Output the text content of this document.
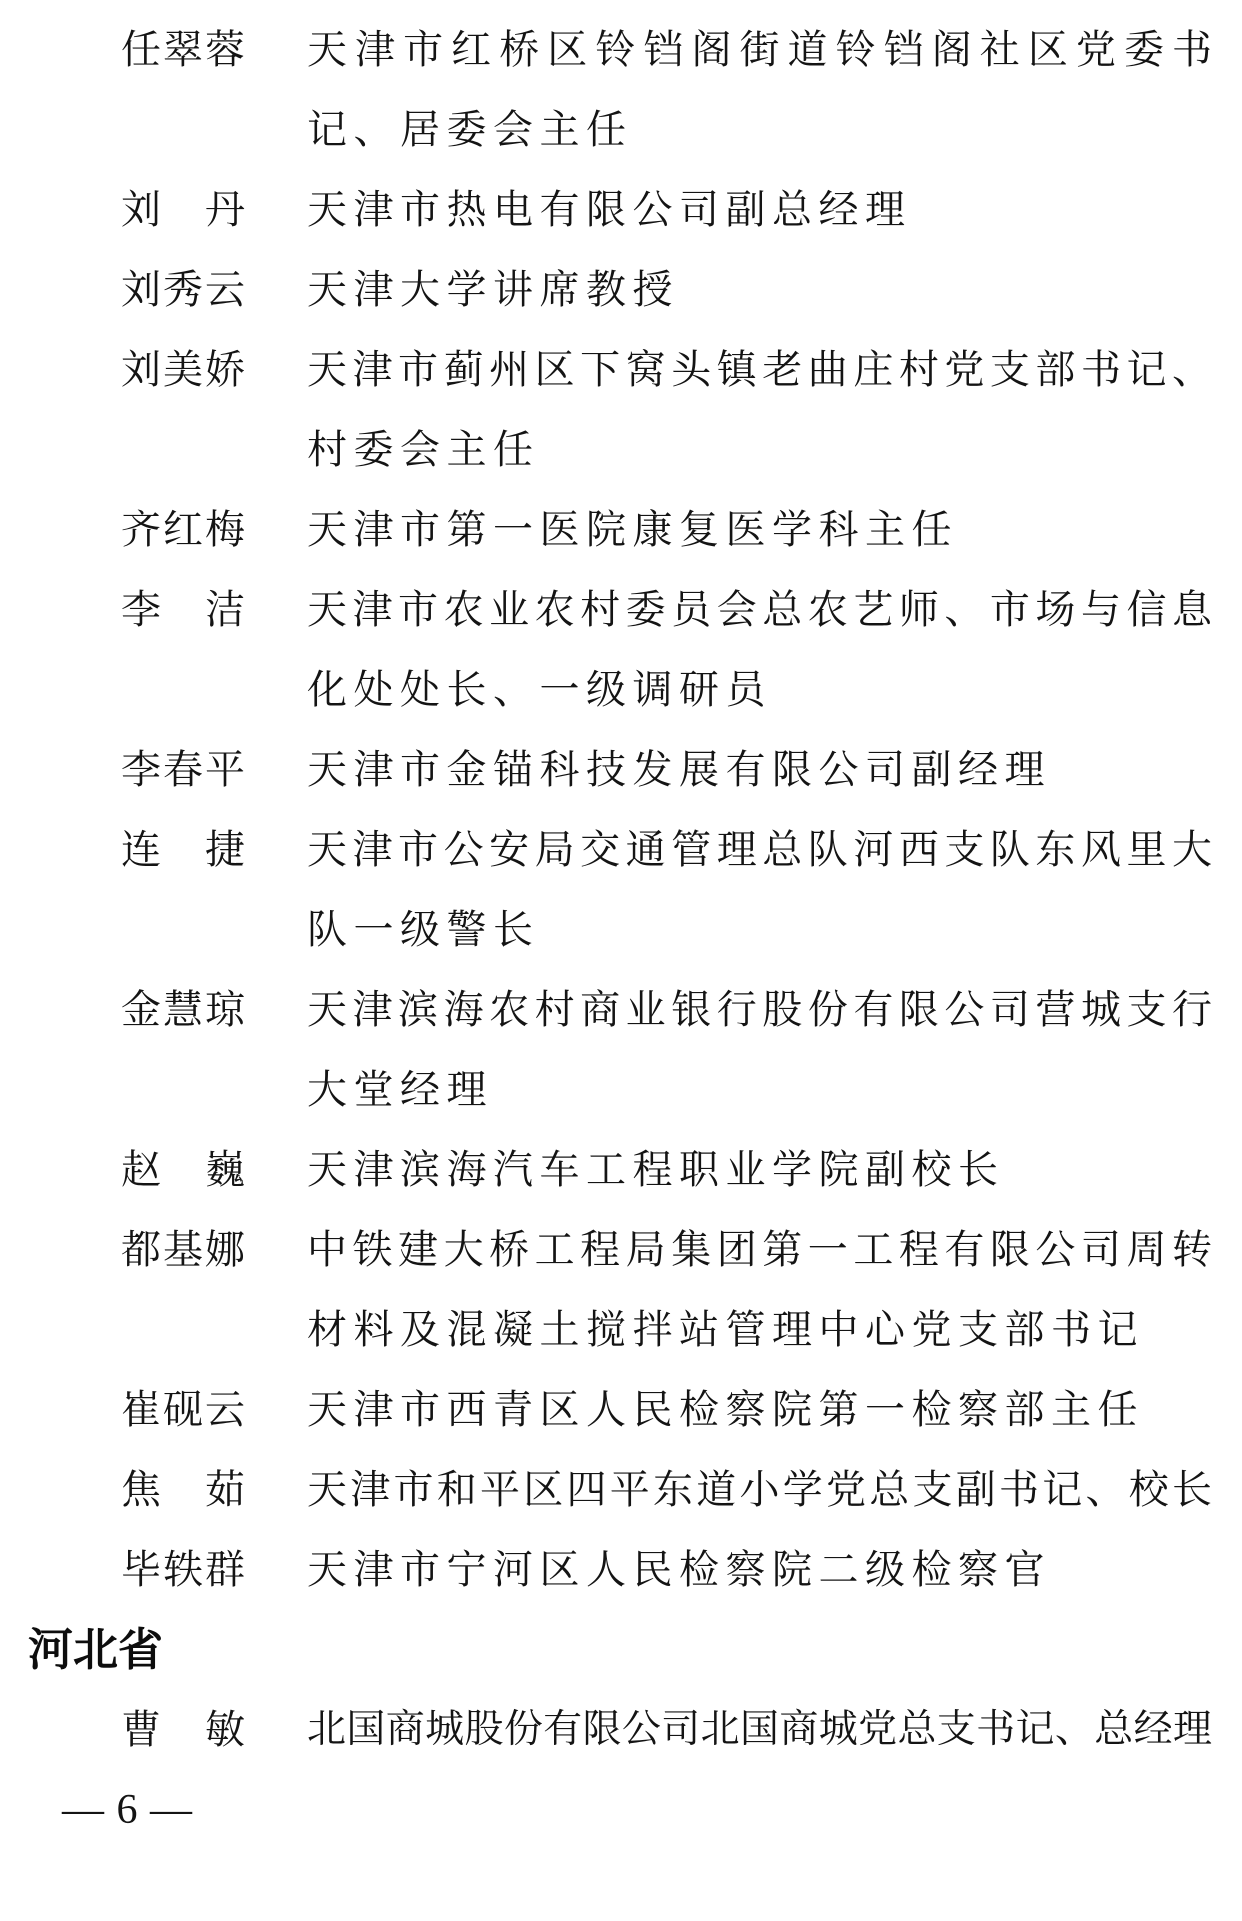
任翠蓉 天津市红桥区铃铛阁街道铃铛阁社区党委书
记、居委会主任
刘丹 天津市热电有限公司副总经理
刘秀云 天津大学讲席教授
刘美娇 天津市蓟州区下窝头镇老曲庄村党支部书记、
村委会主任
齐红梅 天津市第一医院康复医学科主任
李洁 天津市农业农村委员会总农艺师、市场与信息
化处处长、一级调研员
李春平 天津市金锚科技发展有限公司副经理
连捷 天津市公安局交通管理总队河西支队东风里大
队一级警长
金慧琼 天津滨海农村商业银行股份有限公司营城支行
大堂经理
赵巍 天津滨海汽车工程职业学院副校长
都基娜 中铁建大桥工程局集团第一工程有限公司周转
材料及混凝土搅拌站管理中心党支部书记
崔砚云 天津市西青区人民检察院第一检察部主任
焦茹 天津市和平区四平东道小学党总支副书记、校长
毕轶群 天津市宁河区人民检察院二级检察官
河北省
曹敏 北国商城股份有限公司北国商城党总支书记、总经理
— 6 —
